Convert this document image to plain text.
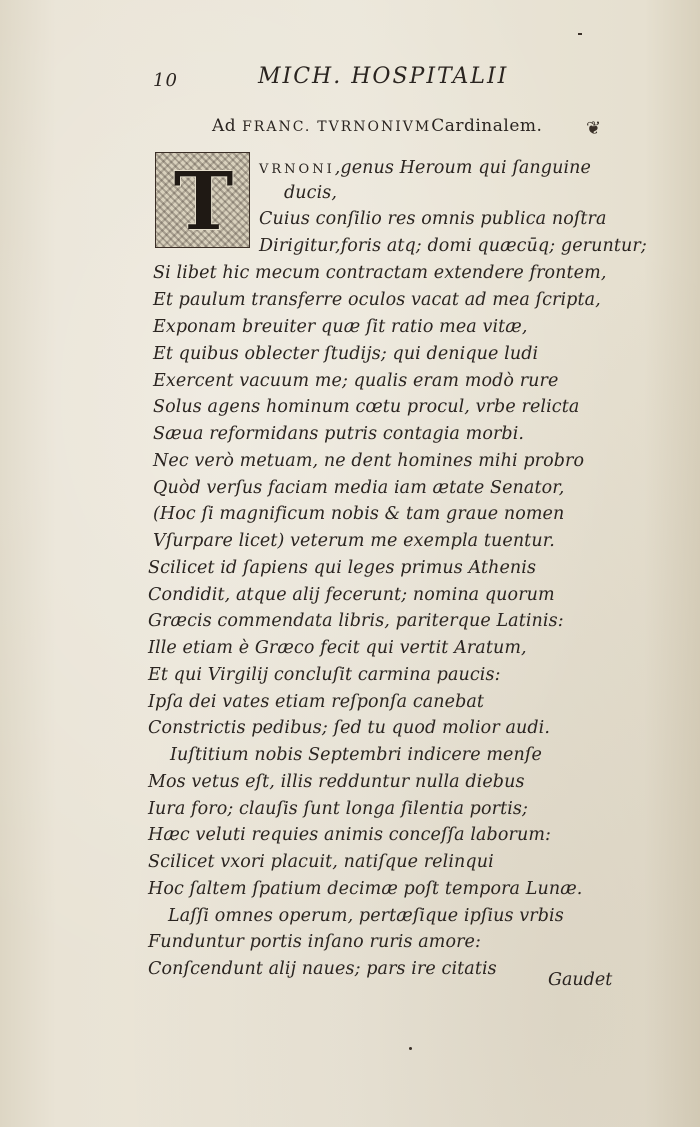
10	MICH. HOSPITALII
Ad FRANC. TVRNONIVMCardinalem. ❦
T	VRNONI,genus Heroum qui ſanguine
ducis,
Cuius conſilio res omnis publica noſtra
Dirigitur,foris atq; domi quæcūq; geruntur;
Si libet hic mecum contractam extendere frontem,
Et paulum transferre oculos vacat ad mea ſcripta,
Exponam breuiter quæ ſit ratio mea vitæ,
Et quibus oblecter ſtudijs; qui denique ludi
Exercent vacuum me; qualis eram modò rure
Solus agens hominum cœtu procul, vrbe relicta
Sæua reformidans putris contagia morbi.
Nec verò metuam, ne dent homines mihi probro
Quòd verſus faciam media iam ætate Senator,
(Hoc ſi magnificum nobis & tam graue nomen
Vſurpare licet) veterum me exempla tuentur.
Scilicet id ſapiens qui leges primus Athenis
Condidit, atque alij fecerunt; nomina quorum
Græcis commendata libris, pariterque Latinis:
Ille etiam è Græco fecit qui vertit Aratum,
Et qui Virgilij concluſit carmina paucis:
Ipſa dei vates etiam reſponſa canebat
Constrictis pedibus; ſed tu quod molior audi.
Iuſtitium nobis Septembri indicere menſe
Mos vetus eſt, illis redduntur nulla diebus
Iura foro; clauſis ſunt longa ſilentia portis;
Hæc veluti requies animis conceſſa laborum:
Scilicet vxori placuit, natiſque relinqui
Hoc ſaltem ſpatium decimæ poſt tempora Lunæ.
Laſſi omnes operum, pertæſique ipſius vrbis
Funduntur portis inſano ruris amore:
Conſcendunt alij naues; pars ire citatis
Gaudet
